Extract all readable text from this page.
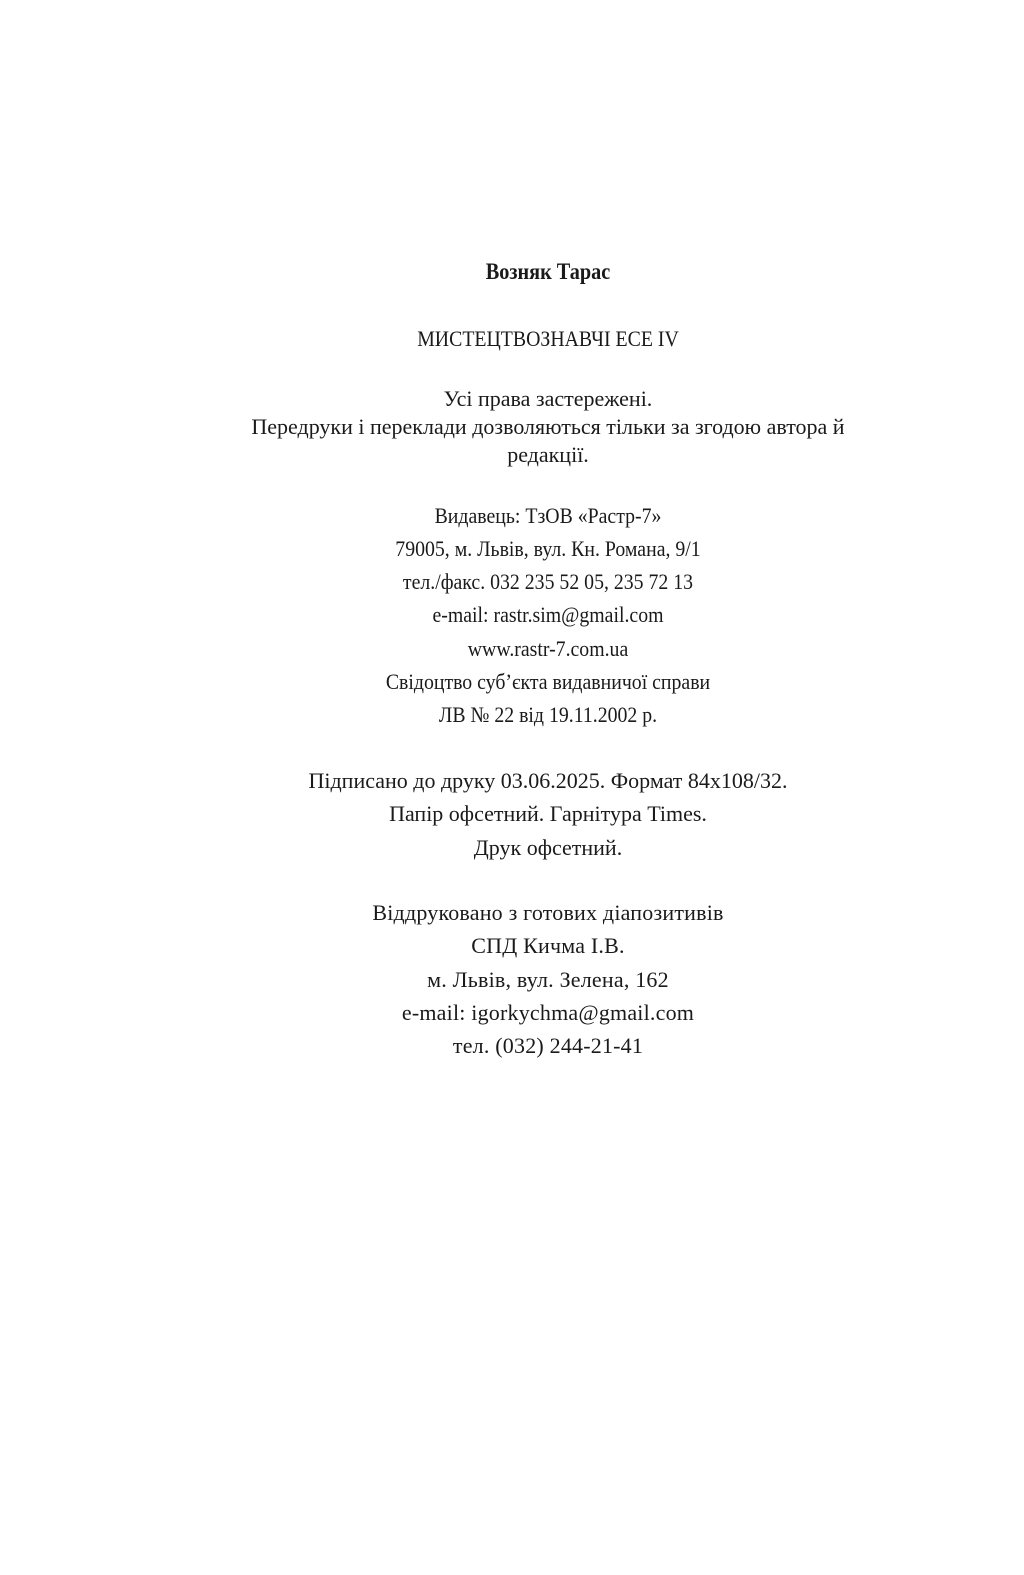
Возняк Тарас
МИСТЕЦТВОЗНАВЧІ ЕСЕ IV
Усі права застережені.
Передруки і переклади дозволяються тільки за згодою автора й
редакції.
Видавець: ТзОВ «Растр-7»
79005, м. Львів, вул. Кн. Романа, 9/1
тел./факс. 032 235 52 05, 235 72 13
e-mail: rastr.sim@gmail.com
www.rastr-7.com.ua
Свідоцтво суб’єкта видавничої справи
ЛВ № 22 від 19.11.2002 р.
Підписано до друку 03.06.2025. Формат 84x108/32.
Папір офсетний. Гарнітура Times.
Друк офсетний.
Віддруковано з готових діапозитивів
СПД Кичма І.В.
м. Львів, вул. Зелена, 162
e-mail: igorkychma@gmail.com
тел. (032) 244-21-41
